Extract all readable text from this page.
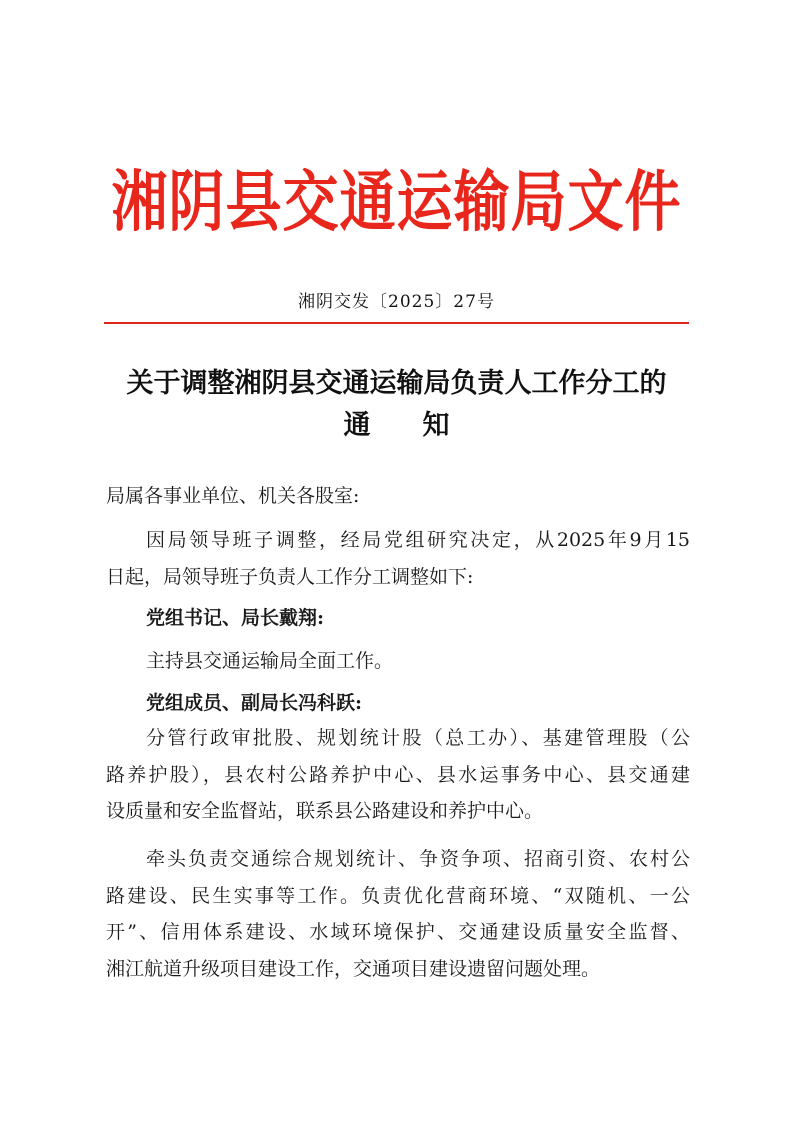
湘阴县交通运输局文件
湘阴交发〔2025〕27号
关于调整湘阴县交通运输局负责人工作分工的
通知
局属各事业单位、机关各股室:
因局领导班子调整，经局党组研究决定，从2025年9月15
日起，局领导班子负责人工作分工调整如下:
党组书记、局长戴翔:
主持县交通运输局全面工作。
党组成员、副局长冯科跃:
分管行政审批股、规划统计股（总工办）、基建管理股（公
路养护股），县农村公路养护中心、县水运事务中心、县交通建
设质量和安全监督站，联系县公路建设和养护中心。
牵头负责交通综合规划统计、争资争项、招商引资、农村公
路建设、民生实事等工作。负责优化营商环境、“双随机、一公
开”、信用体系建设、水域环境保护、交通建设质量安全监督、
湘江航道升级项目建设工作，交通项目建设遗留问题处理。
